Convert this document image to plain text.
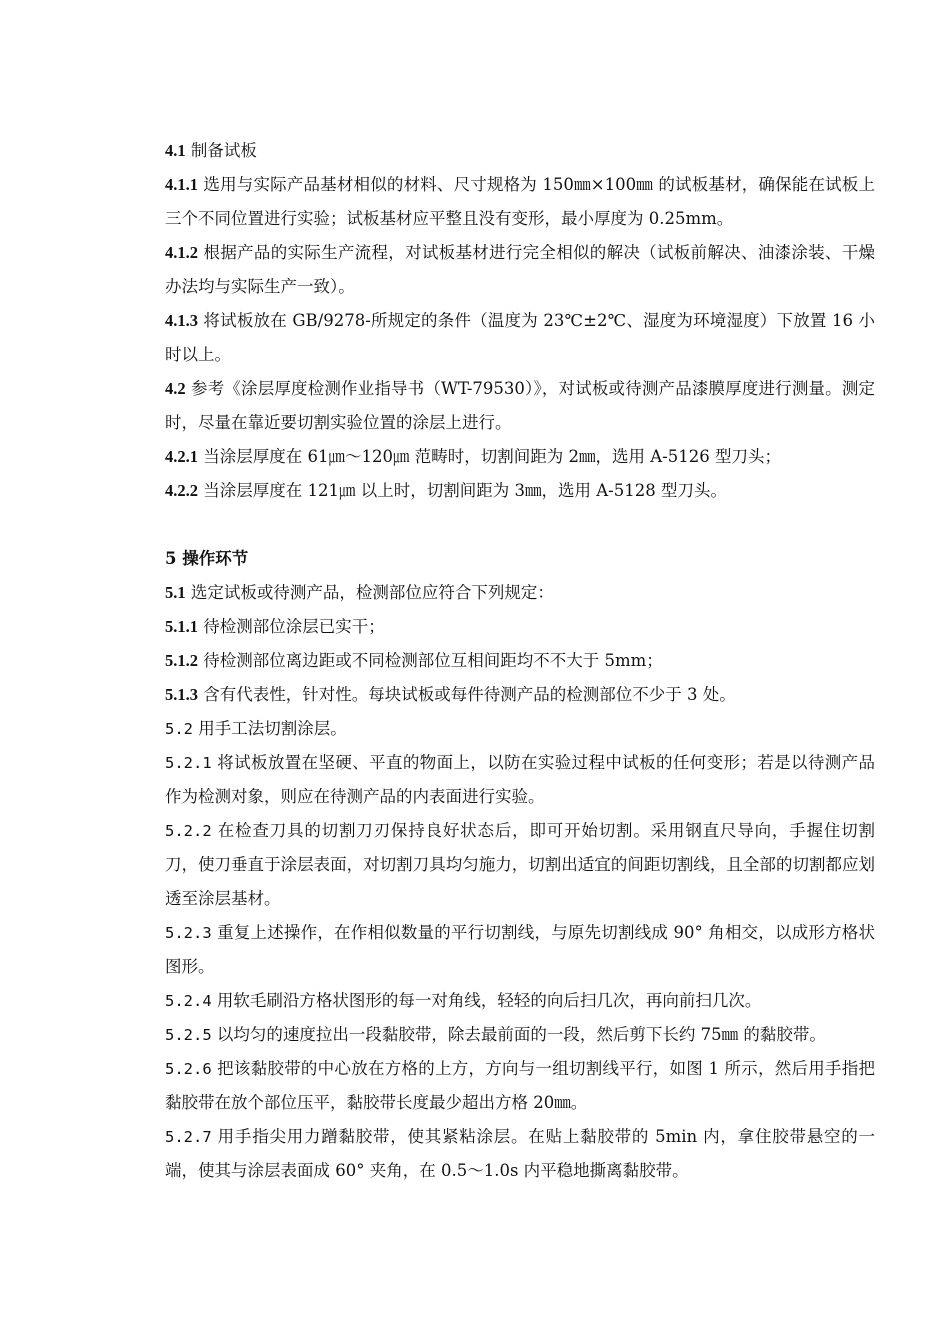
4.1 制备试板

4.1.1 选用与实际产品基材相似的材料、尺寸规格为 150㎜×100㎜ 的试板基材，确保能在试板上三个不同位置进行实验；试板基材应平整且没有变形，最小厚度为 0.25mm。

4.1.2 根据产品的实际生产流程，对试板基材进行完全相似的解决（试板前解决、油漆涂装、干燥办法均与实际生产一致）。

4.1.3 将试板放在 GB/9278-所规定的条件（温度为 23℃±2℃、湿度为环境湿度）下放置 16 小时以上。

4.2 参考《涂层厚度检测作业指导书（WT-79530）》，对试板或待测产品漆膜厚度进行测量。测定时，尽量在靠近要切割实验位置的涂层上进行。

4.2.1 当涂层厚度在 61㎛～120㎛ 范畴时，切割间距为 2㎜，选用 A-5126 型刀头；

4.2.2 当涂层厚度在 121㎛ 以上时，切割间距为 3㎜，选用 A-5128 型刀头。

5 操作环节

5.1 选定试板或待测产品，检测部位应符合下列规定：

5.1.1 待检测部位涂层已实干；

5.1.2 待检测部位离边距或不同检测部位互相间距均不不大于 5mm；

5.1.3 含有代表性，针对性。每块试板或每件待测产品的检测部位不少于 3 处。

5.2 用手工法切割涂层。

5.2.1 将试板放置在坚硬、平直的物面上，以防在实验过程中试板的任何变形；若是以待测产品作为检测对象，则应在待测产品的内表面进行实验。

5.2.2 在检查刀具的切割刀刃保持良好状态后，即可开始切割。采用钢直尺导向，手握住切割刀，使刀垂直于涂层表面，对切割刀具均匀施力，切割出适宜的间距切割线，且全部的切割都应划透至涂层基材。

5.2.3 重复上述操作，在作相似数量的平行切割线，与原先切割线成 90° 角相交，以成形方格状图形。

5.2.4 用软毛刷沿方格状图形的每一对角线，轻轻的向后扫几次，再向前扫几次。

5.2.5 以均匀的速度拉出一段黏胶带，除去最前面的一段，然后剪下长约 75㎜ 的黏胶带。

5.2.6 把该黏胶带的中心放在方格的上方，方向与一组切割线平行，如图 1 所示，然后用手指把黏胶带在放个部位压平，黏胶带长度最少超出方格 20㎜。

5.2.7 用手指尖用力蹭黏胶带，使其紧粘涂层。在贴上黏胶带的 5min 内，拿住胶带悬空的一端，使其与涂层表面成 60° 夹角，在 0.5～1.0s 内平稳地撕离黏胶带。
